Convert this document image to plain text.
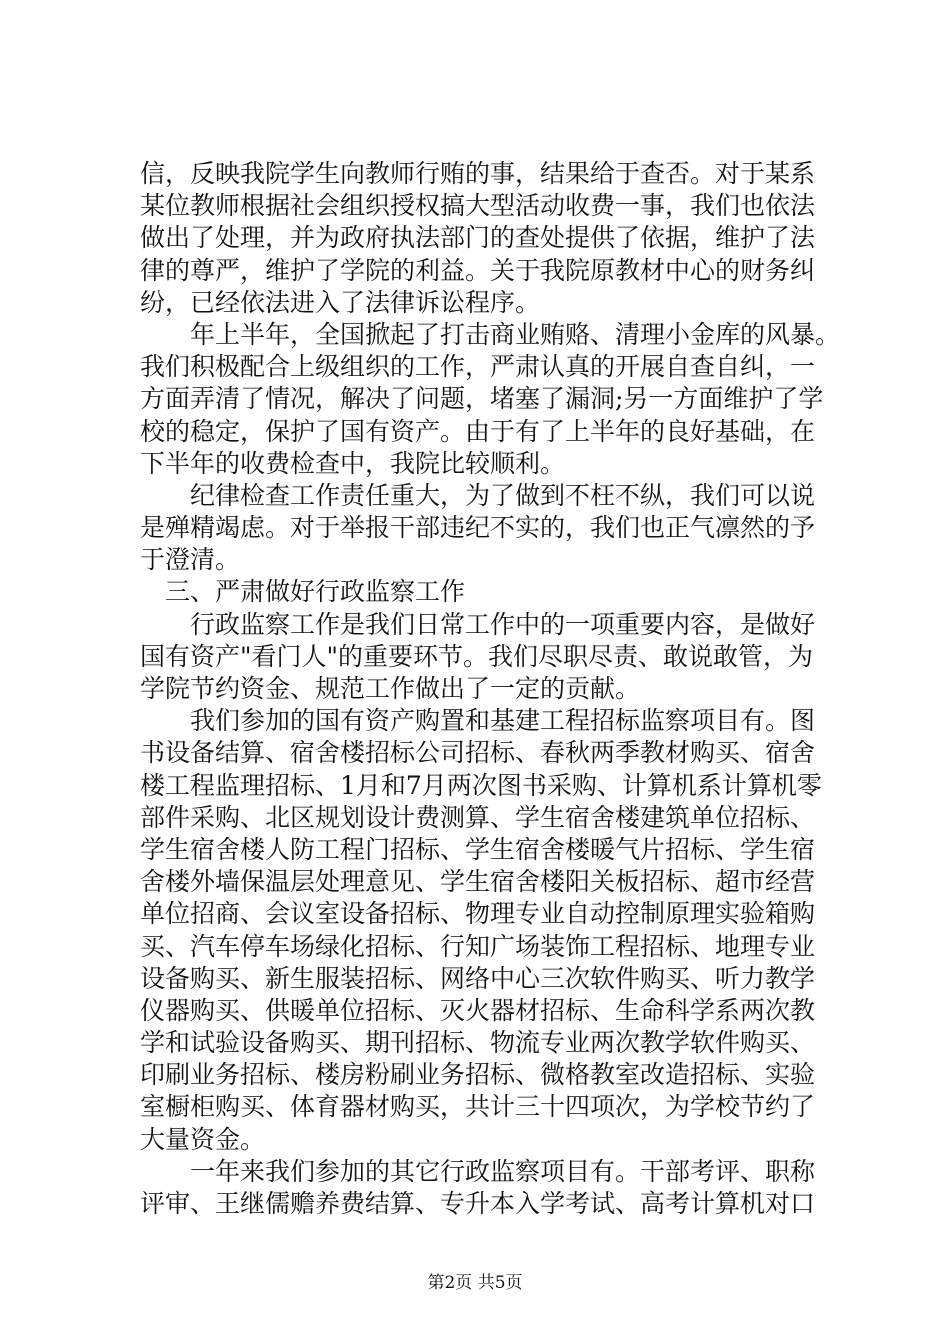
信，反映我院学生向教师行贿的事，结果给于查否。对于某系
某位教师根据社会组织授权搞大型活动收费一事，我们也依法
做出了处理，并为政府执法部门的查处提供了依据，维护了法
律的尊严，维护了学院的利益。关于我院原教材中心的财务纠
纷，已经依法进入了法律诉讼程序。
年上半年，全国掀起了打击商业贿赂、清理小金库的风暴。
我们积极配合上级组织的工作，严肃认真的开展自查自纠，一
方面弄清了情况，解决了问题，堵塞了漏洞;另一方面维护了学
校的稳定，保护了国有资产。由于有了上半年的良好基础，在
下半年的收费检查中，我院比较顺利。
纪律检查工作责任重大，为了做到不枉不纵，我们可以说
是殚精竭虑。对于举报干部违纪不实的，我们也正气凛然的予
于澄清。
三、严肃做好行政监察工作
行政监察工作是我们日常工作中的一项重要内容，是做好
国有资产"看门人"的重要环节。我们尽职尽责、敢说敢管，为
学院节约资金、规范工作做出了一定的贡献。
我们参加的国有资产购置和基建工程招标监察项目有。图
书设备结算、宿舍楼招标公司招标、春秋两季教材购买、宿舍
楼工程监理招标、1月和7月两次图书采购、计算机系计算机零
部件采购、北区规划设计费测算、学生宿舍楼建筑单位招标、
学生宿舍楼人防工程门招标、学生宿舍楼暖气片招标、学生宿
舍楼外墙保温层处理意见、学生宿舍楼阳关板招标、超市经营
单位招商、会议室设备招标、物理专业自动控制原理实验箱购
买、汽车停车场绿化招标、行知广场装饰工程招标、地理专业
设备购买、新生服装招标、网络中心三次软件购买、听力教学
仪器购买、供暖单位招标、灭火器材招标、生命科学系两次教
学和试验设备购买、期刊招标、物流专业两次教学软件购买、
印刷业务招标、楼房粉刷业务招标、微格教室改造招标、实验
室橱柜购买、体育器材购买，共计三十四项次，为学校节约了
大量资金。
一年来我们参加的其它行政监察项目有。干部考评、职称
评审、王继儒赡养费结算、专升本入学考试、高考计算机对口
第2页 共5页
